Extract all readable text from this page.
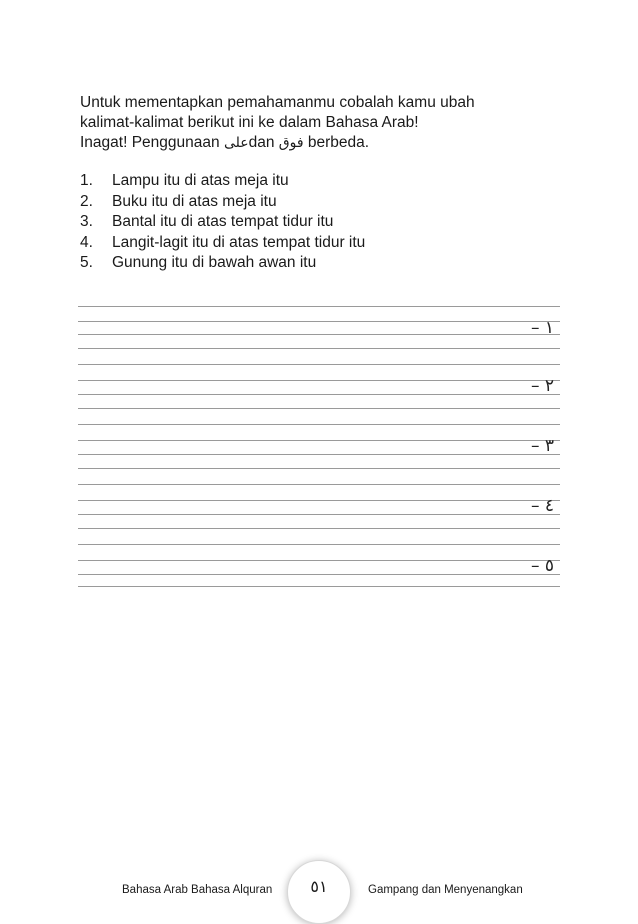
Untuk mementapkan pemahamanmu cobalah kamu ubah

kalimat-kalimat berikut ini ke dalam Bahasa Arab!

Inagat! Penggunaan علىdan فوق berbeda.

1.	Lampu itu di atas meja itu
2.	Buku itu di atas meja itu
3.	Bantal itu di atas tempat tidur itu
4.	Langit-lagit itu di atas tempat tidur itu
5.	Gunung itu di bawah awan itu
١ –
٢ –
٣ –
٤ –
٥ –
Bahasa Arab Bahasa Alquran ٥١	Gampang dan Menyenangkan
